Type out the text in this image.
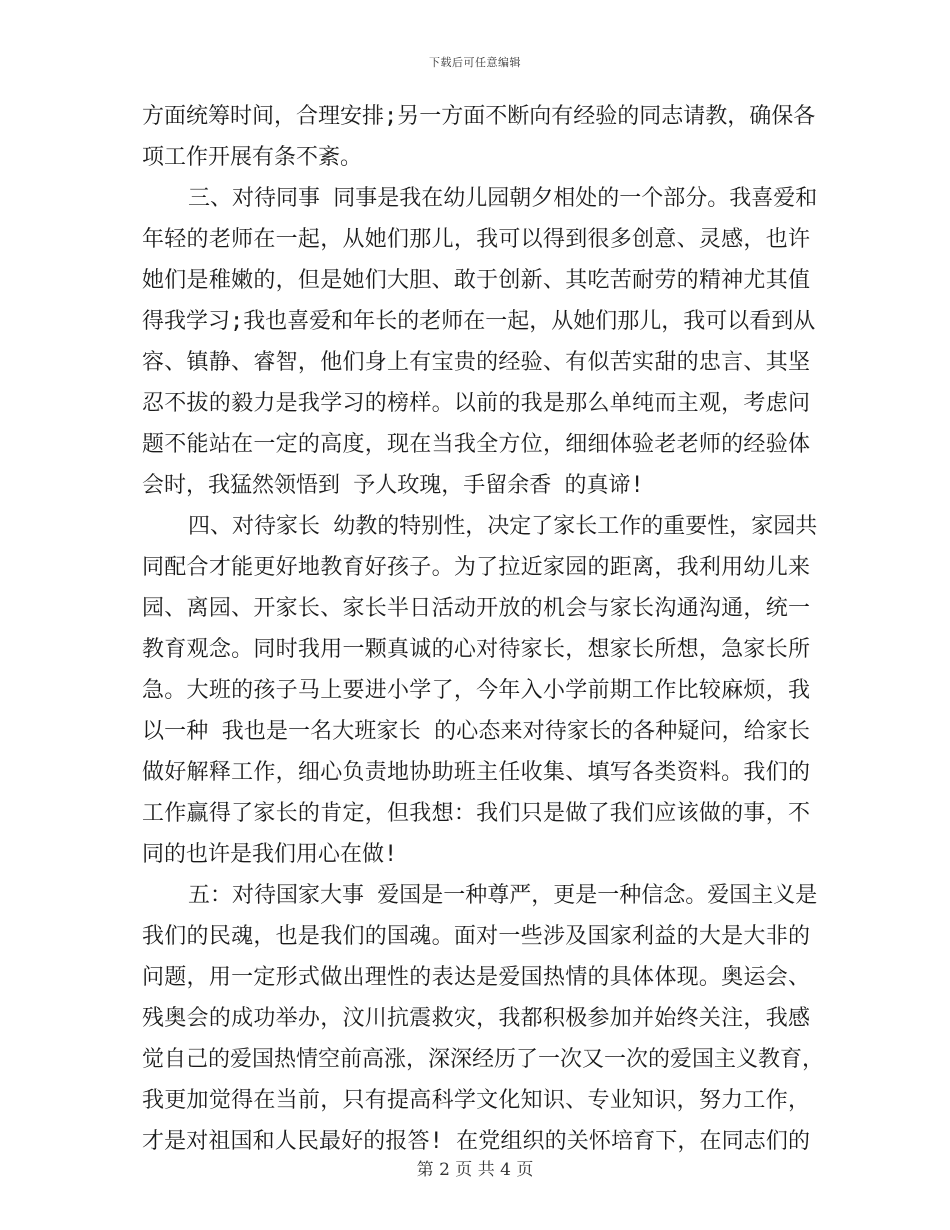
下载后可任意编辑
方面统筹时间，合理安排;另一方面不断向有经验的同志请教，确保各
项工作开展有条不紊。
三、对待同事 同事是我在幼儿园朝夕相处的一个部分。我喜爱和
年轻的老师在一起，从她们那儿，我可以得到很多创意、灵感，也许
她们是稚嫩的，但是她们大胆、敢于创新、其吃苦耐劳的精神尤其值
得我学习;我也喜爱和年长的老师在一起，从她们那儿，我可以看到从
容、镇静、睿智，他们身上有宝贵的经验、有似苦实甜的忠言、其坚
忍不拔的毅力是我学习的榜样。以前的我是那么单纯而主观，考虑问
题不能站在一定的高度，现在当我全方位，细细体验老老师的经验体
会时，我猛然领悟到 予人玫瑰，手留余香 的真谛!
四、对待家长 幼教的特别性，决定了家长工作的重要性，家园共
同配合才能更好地教育好孩子。为了拉近家园的距离，我利用幼儿来
园、离园、开家长、家长半日活动开放的机会与家长沟通沟通，统一
教育观念。同时我用一颗真诚的心对待家长，想家长所想，急家长所
急。大班的孩子马上要进小学了，今年入小学前期工作比较麻烦，我
以一种 我也是一名大班家长 的心态来对待家长的各种疑问，给家长
做好解释工作，细心负责地协助班主任收集、填写各类资料。我们的
工作赢得了家长的肯定，但我想：我们只是做了我们应该做的事，不
同的也许是我们用心在做!
五：对待国家大事 爱国是一种尊严，更是一种信念。爱国主义是
我们的民魂，也是我们的国魂。面对一些涉及国家利益的大是大非的
问题，用一定形式做出理性的表达是爱国热情的具体体现。奥运会、
残奥会的成功举办，汶川抗震救灾，我都积极参加并始终关注，我感
觉自己的爱国热情空前高涨，深深经历了一次又一次的爱国主义教育，
我更加觉得在当前，只有提高科学文化知识、专业知识，努力工作，
才是对祖国和人民最好的报答! 在党组织的关怀培育下，在同志们的
第 2 页 共 4 页
